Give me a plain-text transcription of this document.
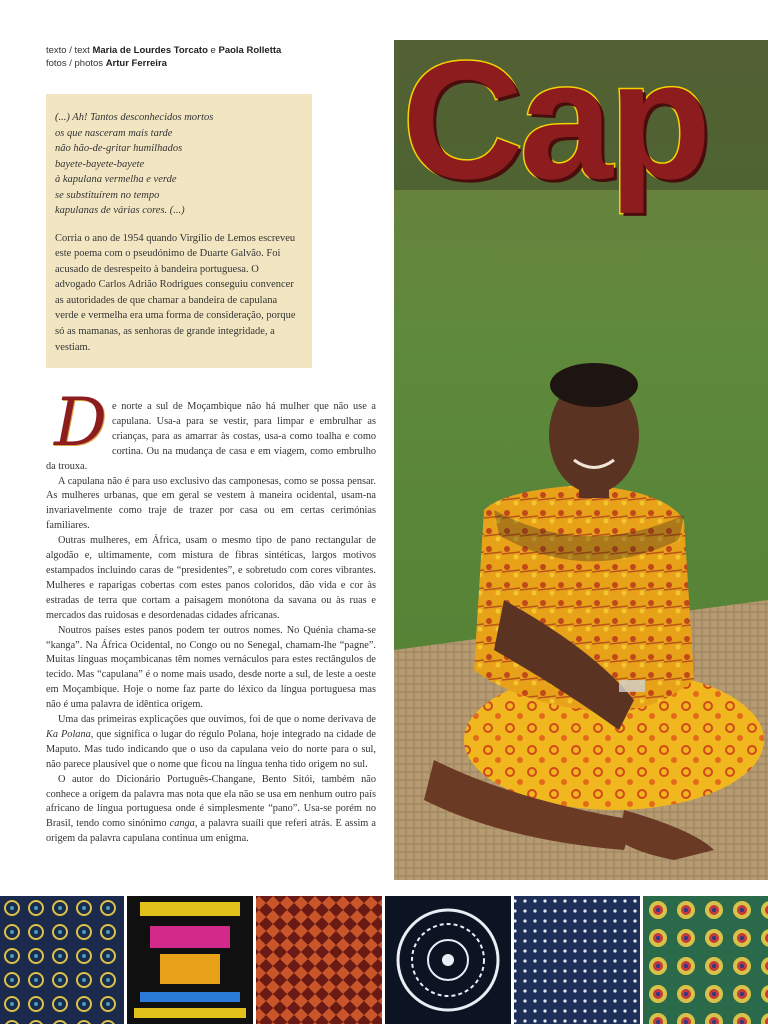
texto / text Maria de Lourdes Torcato e Paola Rolletta
fotos / photos Artur Ferreira
(...) Ah! Tantos desconhecidos mortos
os que nasceram mais tarde
não hão-de-gritar humilhados
bayete-bayete-bayete
à kapulana vermelha e verde
se substituírem no tempo
kapulanas de várias cores. (...)

Corria o ano de 1954 quando Virgílio de Lemos escreveu este poema com o pseudónimo de Duarte Galvão. Foi acusado de desrespeito à bandeira portuguesa. O advogado Carlos Adrião Rodrigues conseguiu convencer as autoridades de que chamar a bandeira de capulana verde e vermelha era uma forma de consideração, porque só as mamanas, as senhoras de grande integridade, a vestiam.

Cap
D e norte a sul de Moçambique não há mulher que não use a capulana. Usa-a para se vestir, para limpar e embrulhar as crianças, para as amarrar às costas, usa-a como toalha e como cortina. Ou na mudança de casa e em viagem, como embrulho da trouxa.

A capulana não é para uso exclusivo das camponesas, como se possa pensar. As mulheres urbanas, que em geral se vestem à maneira ocidental, usam-na invariavelmente como traje de trazer por casa ou em certas cerimónias familiares.

Outras mulheres, em África, usam o mesmo tipo de pano rectangular de algodão e, ultimamente, com mistura de fibras sintéticas, largos motivos estampados incluindo caras de “presidentes”, e sobretudo com cores vibrantes. Mulheres e raparigas cobertas com estes panos coloridos, dão vida e cor às estradas de terra que cortam a paisagem monótona da savana ou às ruas e mercados das ruidosas e desordenadas cidades africanas.

Noutros países estes panos podem ter outros nomes. No Quénia chama-se “kanga”. Na África Ocidental, no Congo ou no Senegal, chamam-lhe “pagne”. Muitas línguas moçambicanas têm nomes vernáculos para estes rectângulos de tecido. Mas “capulana” é o nome mais usado, desde norte a sul, de leste a oeste em Moçambique. Hoje o nome faz parte do léxico da língua portuguesa mas não é uma palavra de idêntica origem.

Uma das primeiras explicações que ouvimos, foi de que o nome derivava de Ka Polana, que significa o lugar do régulo Polana, hoje integrado na cidade de Maputo. Mas tudo indicando que o uso da capulana veio do norte para o sul, não parece plausível que o nome que ficou na língua tenha tido origem no sul.

O autor do Dicionário Português-Changane, Bento Sitói, também não conhece a origem da palavra mas nota que ela não se usa em nenhum outro país africano de língua portuguesa onde é simplesmente “pano”. Usa-se porém no Brasil, tendo como sinónimo canga, a palavra suaíli que referi atrás. E assim a origem da palavra capulana continua um enigma.
